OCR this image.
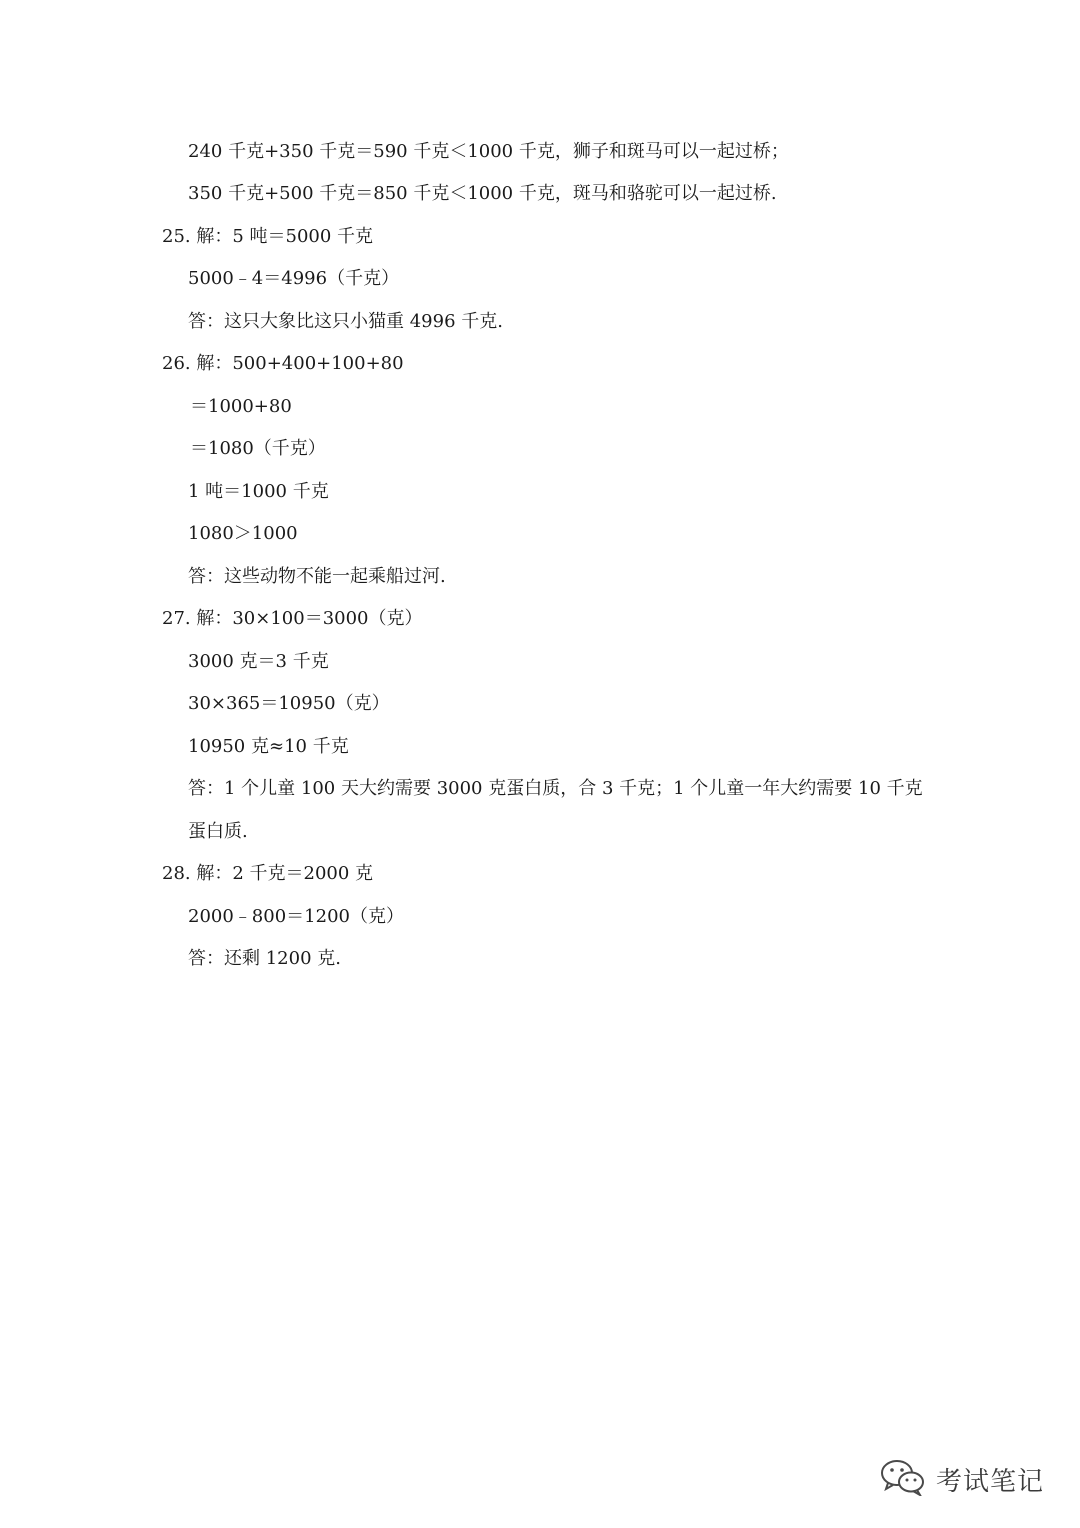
240 千克+350 千克＝590 千克＜1000 千克，狮子和斑马可以一起过桥；
350 千克+500 千克＝850 千克＜1000 千克，斑马和骆驼可以一起过桥.
25. 解：5 吨＝5000 千克
5000﹣4＝4996（千克）
答：这只大象比这只小猫重 4996 千克.
26. 解：500+400+100+80
＝1000+80
＝1080（千克）
1 吨＝1000 千克
1080＞1000
答：这些动物不能一起乘船过河.
27. 解：30×100＝3000（克）
3000 克＝3 千克
30×365＝10950（克）
10950 克≈10 千克
答：1 个儿童 100 天大约需要 3000 克蛋白质，合 3 千克；1 个儿童一年大约需要 10 千克
蛋白质.
28. 解：2 千克＝2000 克
2000﹣800＝1200（克）
答：还剩 1200 克.
考试笔记
